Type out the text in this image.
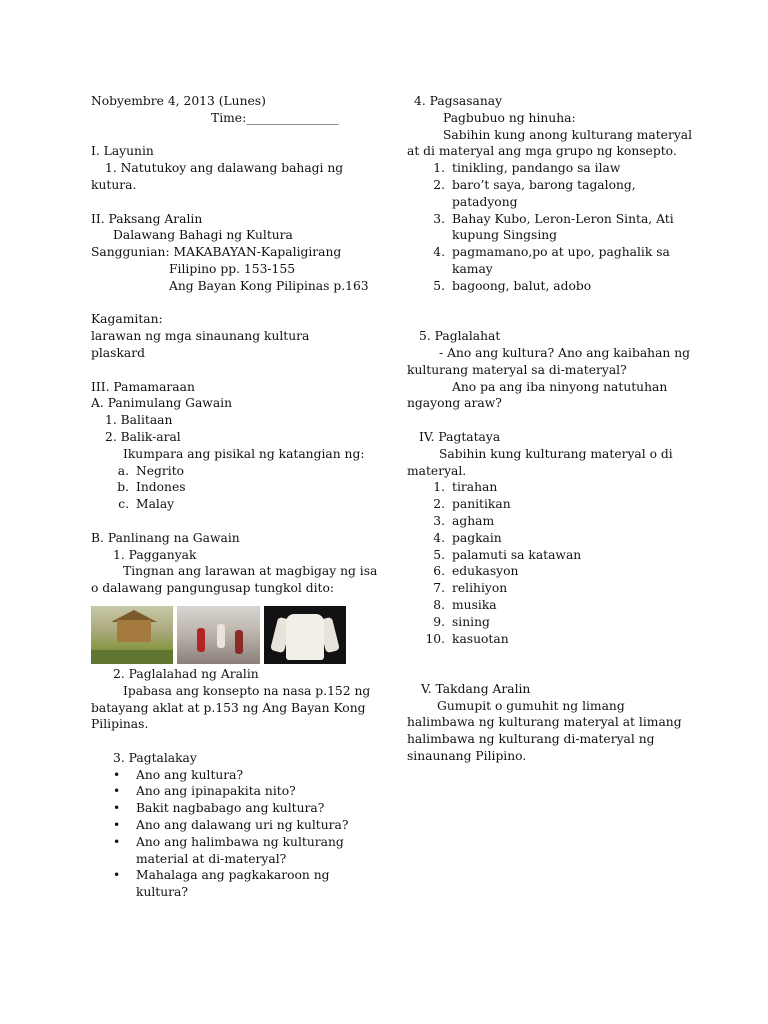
Nobyembre 4, 2013 (Lunes)
Time:_______________
I. Layunin
1. Natutukoy ang dalawang bahagi ng
kutura.
II. Paksang Aralin
Dalawang Bahagi ng Kultura
Sanggunian: MAKABAYAN-Kapaligirang
Filipino pp. 153-155
Ang Bayan Kong Pilipinas p.163
Kagamitan:
larawan ng mga sinaunang kultura
plaskard
III. Pamamaraan
A. Panimulang Gawain
1. Balitaan
2. Balik-aral
Ikumpara ang pisikal ng katangian ng:
a. Negrito
b. Indones
c. Malay
B. Panlinang na Gawain
1. Pagganyak
Tingnan ang larawan at magbigay ng isa
o dalawang pangungusap tungkol dito:
2. Paglalahad ng Aralin
Ipabasa ang konsepto na nasa p.152 ng
batayang aklat at p.153 ng Ang Bayan Kong
Pilipinas.
3. Pagtalakay
• Ano ang kultura?
• Ano ang ipinapakita nito?
• Bakit nagbabago ang kultura?
• Ano ang dalawang uri ng kultura?
• Ano ang halimbawa ng kulturang
material at di-materyal?
• Mahalaga ang pagkakaroon ng
kultura?
4. Pagsasanay
Pagbubuo ng hinuha:
Sabihin kung anong kulturang materyal
at di materyal ang mga grupo ng konsepto.
1. tinikling, pandango sa ilaw
2. baro’t saya, barong tagalong,
patadyong
3. Bahay Kubo, Leron-Leron Sinta, Ati
kupung Singsing
4. pagmamano,po at upo, paghalik sa
kamay
5. bagoong, balut, adobo
5. Paglalahat
- Ano ang kultura? Ano ang kaibahan ng
kulturang materyal sa di-materyal?
Ano pa ang iba ninyong natutuhan
ngayong araw?
IV. Pagtataya
Sabihin kung kulturang materyal o di
materyal.
1. tirahan
2. panitikan
3. agham
4. pagkain
5. palamuti sa katawan
6. edukasyon
7. relihiyon
8. musika
9. sining
10. kasuotan
V. Takdang Aralin
Gumupit o gumuhit ng limang
halimbawa ng kulturang materyal at limang
halimbawa ng kulturang di-materyal ng
sinaunang Pilipino.
